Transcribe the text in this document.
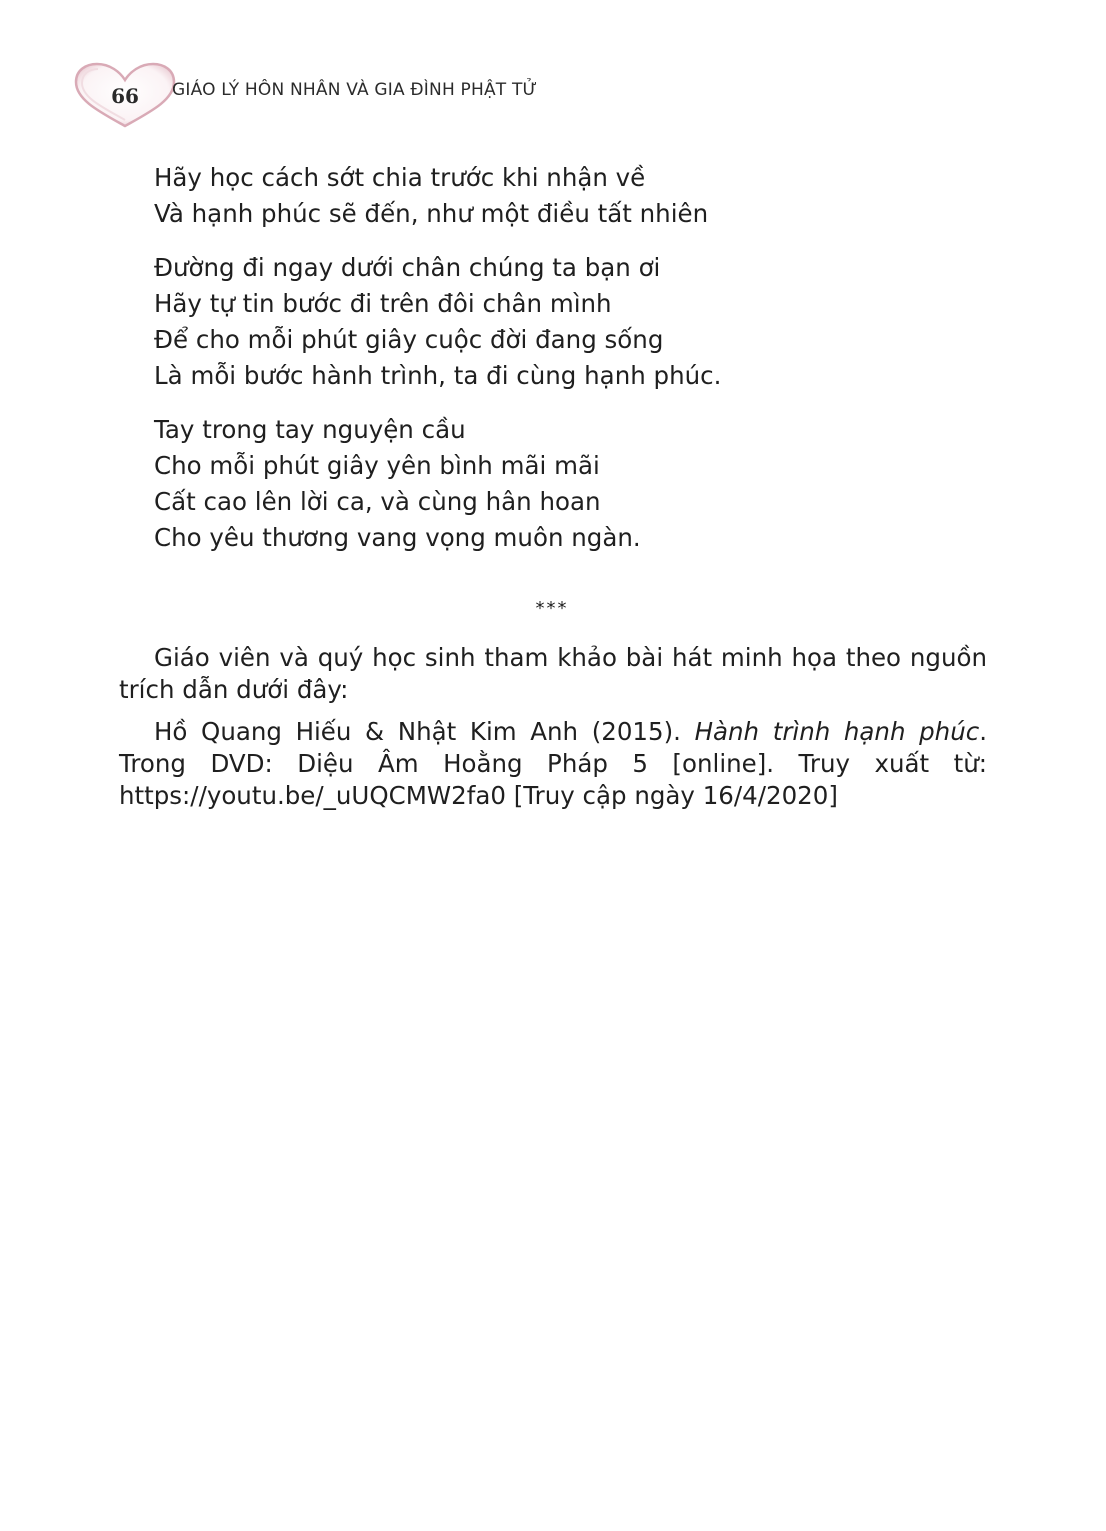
66	GIÁO LÝ HÔN NHÂN VÀ GIA ĐÌNH PHẬT TỬ
Hãy học cách sớt chia trước khi nhận về
Và hạnh phúc sẽ đến, như một điều tất nhiên
Đường đi ngay dưới chân chúng ta bạn ơi
Hãy tự tin bước đi trên đôi chân mình
Để cho mỗi phút giây cuộc đời đang sống
Là mỗi bước hành trình, ta đi cùng hạnh phúc.
Tay trong tay nguyện cầu
Cho mỗi phút giây yên bình mãi mãi
Cất cao lên lời ca, và cùng hân hoan
Cho yêu thương vang vọng muôn ngàn.
***

Giáo viên và quý học sinh tham khảo bài hát minh họa theo nguồn trích dẫn dưới đây:

Hồ Quang Hiếu & Nhật Kim Anh (2015). Hành trình hạnh phúc. Trong DVD: Diệu Âm Hoằng Pháp 5 [online]. Truy xuất từ: https://youtu.be/_uUQCMW2fa0 [Truy cập ngày 16/4/2020]
